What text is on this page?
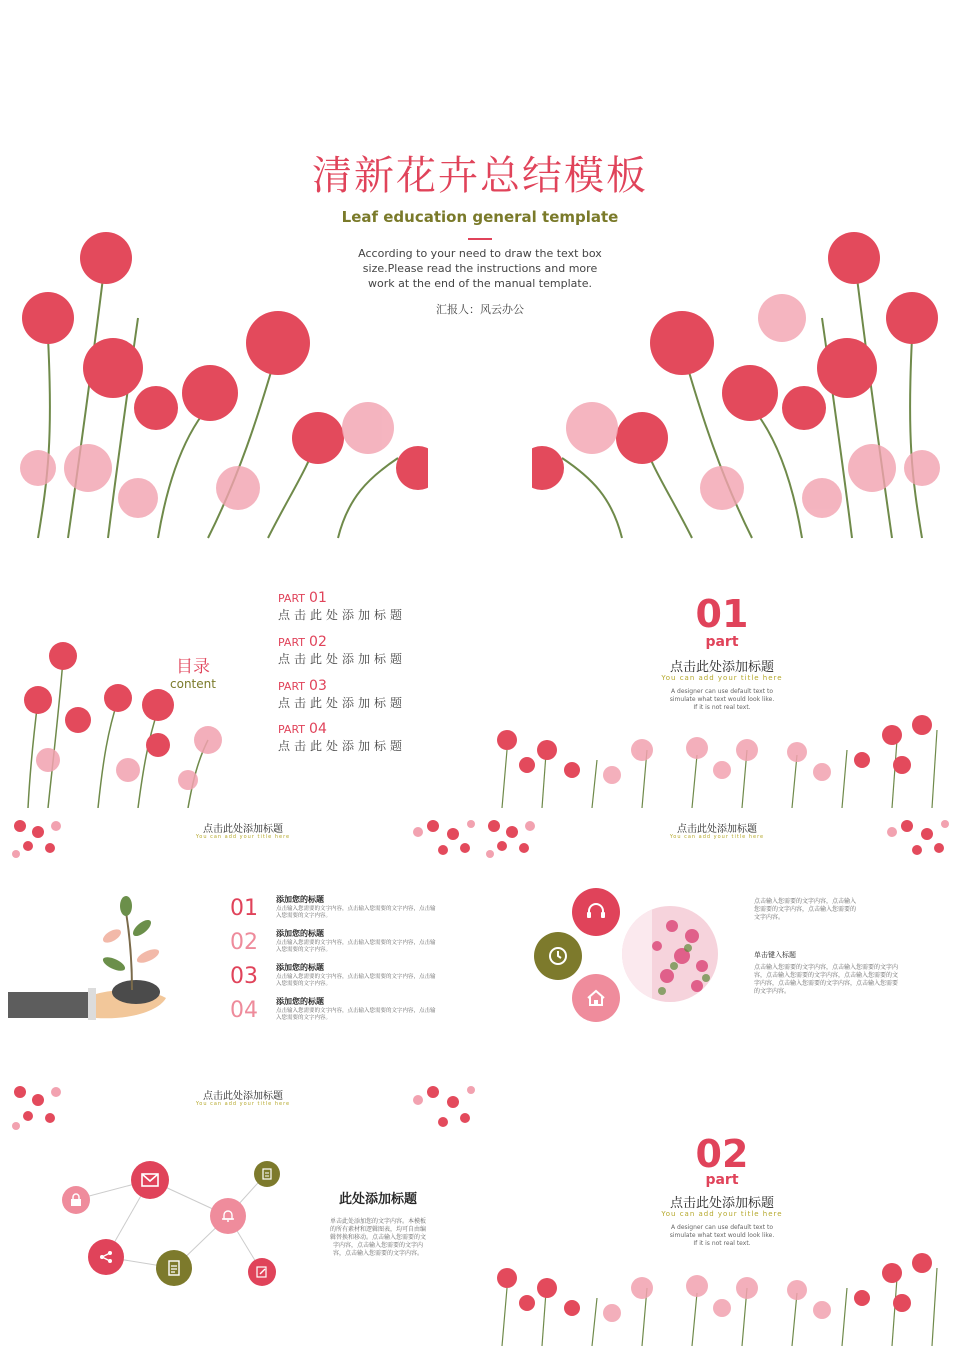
清新花卉总结模板
Leaf education general template
According to your need to draw the text box size.Please read the instructions and more work at the end of the manual template.
汇报人：风云办公
目录
content
PART 01
点击此处添加标题
PART 02
点击此处添加标题
PART 03
点击此处添加标题
PART 04
点击此处添加标题
01
part
点击此处添加标题
You can add your title here
A designer can use default text to simulate what text would look like. If it is not real text.
点击此处添加标题
You can add your title here
点击此处添加标题
You can add your title here
01 添加您的标题
点击输入您需要的文字内容，点击输入您需要的文字内容，点击输入您需要的文字内容。
02 添加您的标题
点击输入您需要的文字内容，点击输入您需要的文字内容，点击输入您需要的文字内容。
03 添加您的标题
点击输入您需要的文字内容，点击输入您需要的文字内容，点击输入您需要的文字内容。
04 添加您的标题
点击输入您需要的文字内容，点击输入您需要的文字内容，点击输入您需要的文字内容。
点击输入您需要的文字内容，点击输入您需要的文字内容，点击输入您需要的文字内容。
单击键入标题
点击输入您需要的文字内容，点击输入您需要的文字内容，点击输入您需要的文字内容，点击输入您需要的文字内容，点击输入您需要的文字内容，点击输入您需要的文字内容。
点击此处添加标题
You can add your title here
此处添加标题
单击此处添加您的文字内容。本模板的所有素材和逻辑图表，均可自由编辑替换和移动。点击输入您需要的文字内容，点击输入您需要的文字内容，点击输入您需要的文字内容。
02
part
点击此处添加标题
You can add your title here
A designer can use default text to simulate what text would look like. If it is not real text.
